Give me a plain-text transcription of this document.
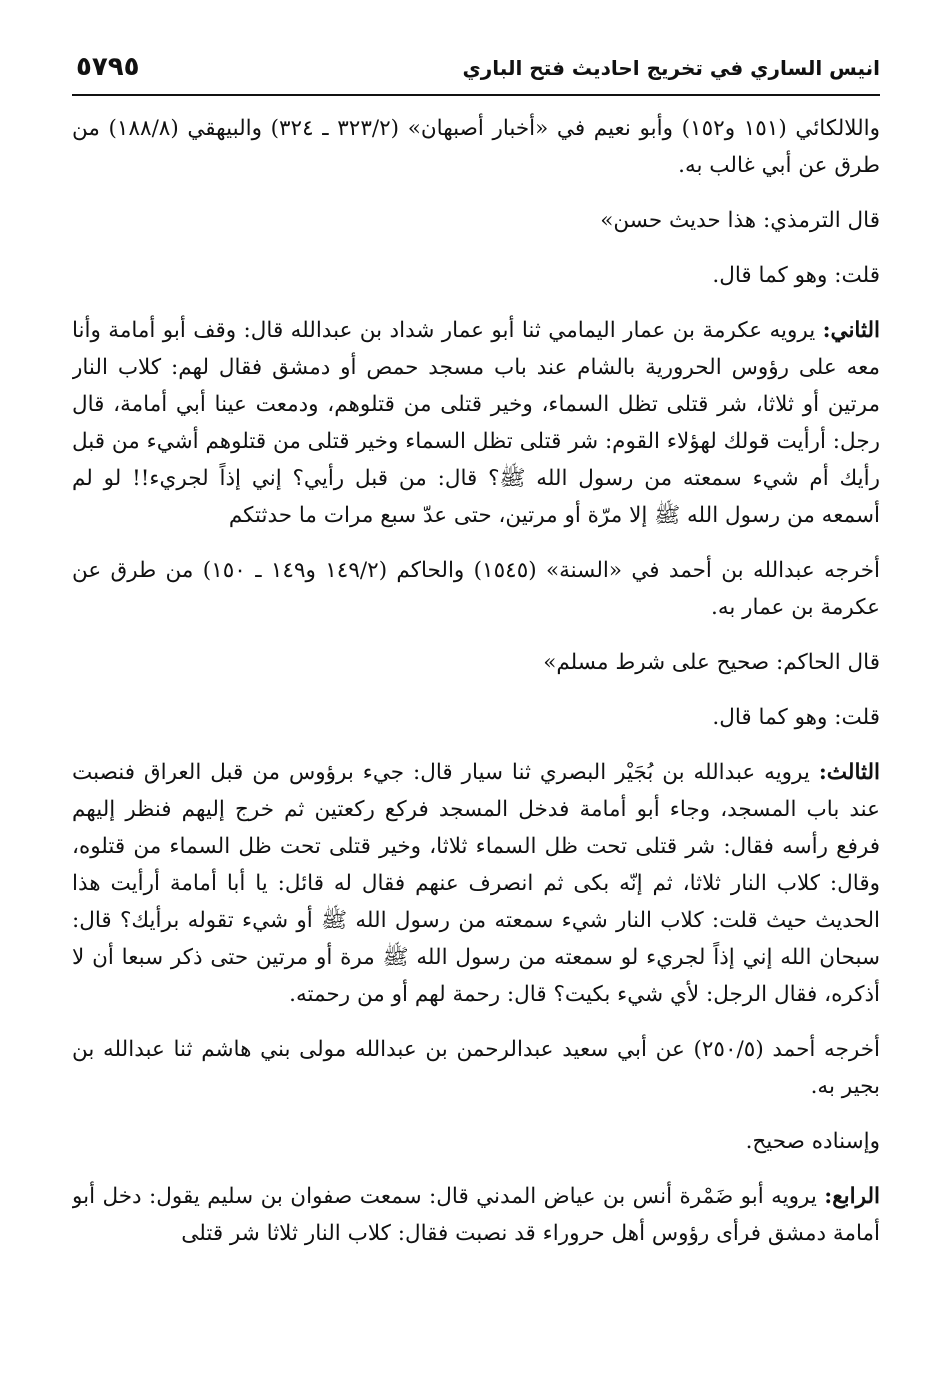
انيس الساري في تخريج احاديث فتح الباري
٥٧٩٥

واللالكائي (١٥١ و١٥٢) وأبو نعيم في «أخبار أصبهان» (٣٢٣/٢ ـ ٣٢٤) والبيهقي (١٨٨/٨) من طرق عن أبي غالب به.

قال الترمذي: هذا حديث حسن»

قلت: وهو كما قال.

الثاني: يرويه عكرمة بن عمار اليمامي ثنا أبو عمار شداد بن عبدالله قال: وقف أبو أمامة وأنا معه على رؤوس الحرورية بالشام عند باب مسجد حمص أو دمشق فقال لهم: كلاب النار مرتين أو ثلاثا، شر قتلى تظل السماء، وخير قتلى من قتلوهم، ودمعت عينا أبي أمامة، قال رجل: أرأيت قولك لهؤلاء القوم: شر قتلى تظل السماء وخير قتلى من قتلوهم أشيء من قبل رأيك أم شيء سمعته من رسول الله ﷺ؟ قال: من قبل رأيي؟ إني إذاً لجريء!! لو لم أسمعه من رسول الله ﷺ إلا مرّة أو مرتين، حتى عدّ سبع مرات ما حدثتكم

أخرجه عبدالله بن أحمد في «السنة» (١٥٤٥) والحاكم (١٤٩/٢ و١٤٩ ـ ١٥٠) من طرق عن عكرمة بن عمار به.

قال الحاكم: صحيح على شرط مسلم»

قلت: وهو كما قال.

الثالث: يرويه عبدالله بن بُجَيْر البصري ثنا سيار قال: جيء برؤوس من قبل العراق فنصبت عند باب المسجد، وجاء أبو أمامة فدخل المسجد فركع ركعتين ثم خرج إليهم فنظر إليهم فرفع رأسه فقال: شر قتلى تحت ظل السماء ثلاثا، وخير قتلى تحت ظل السماء من قتلوه، وقال: كلاب النار ثلاثا، ثم إنّه بكى ثم انصرف عنهم فقال له قائل: يا أبا أمامة أرأيت هذا الحديث حيث قلت: كلاب النار شيء سمعته من رسول الله ﷺ أو شيء تقوله برأيك؟ قال: سبحان الله إني إذاً لجريء لو سمعته من رسول الله ﷺ مرة أو مرتين حتى ذكر سبعا أن لا أذكره، فقال الرجل: لأي شيء بكيت؟ قال: رحمة لهم أو من رحمته.

أخرجه أحمد (٢٥٠/٥) عن أبي سعيد عبدالرحمن بن عبدالله مولى بني هاشم ثنا عبدالله بن بجير به.

وإسناده صحيح.

الرابع: يرويه أبو ضَمْرة أنس بن عياض المدني قال: سمعت صفوان بن سليم يقول: دخل أبو أمامة دمشق فرأى رؤوس أهل حروراء قد نصبت فقال: كلاب النار ثلاثا شر قتلى
